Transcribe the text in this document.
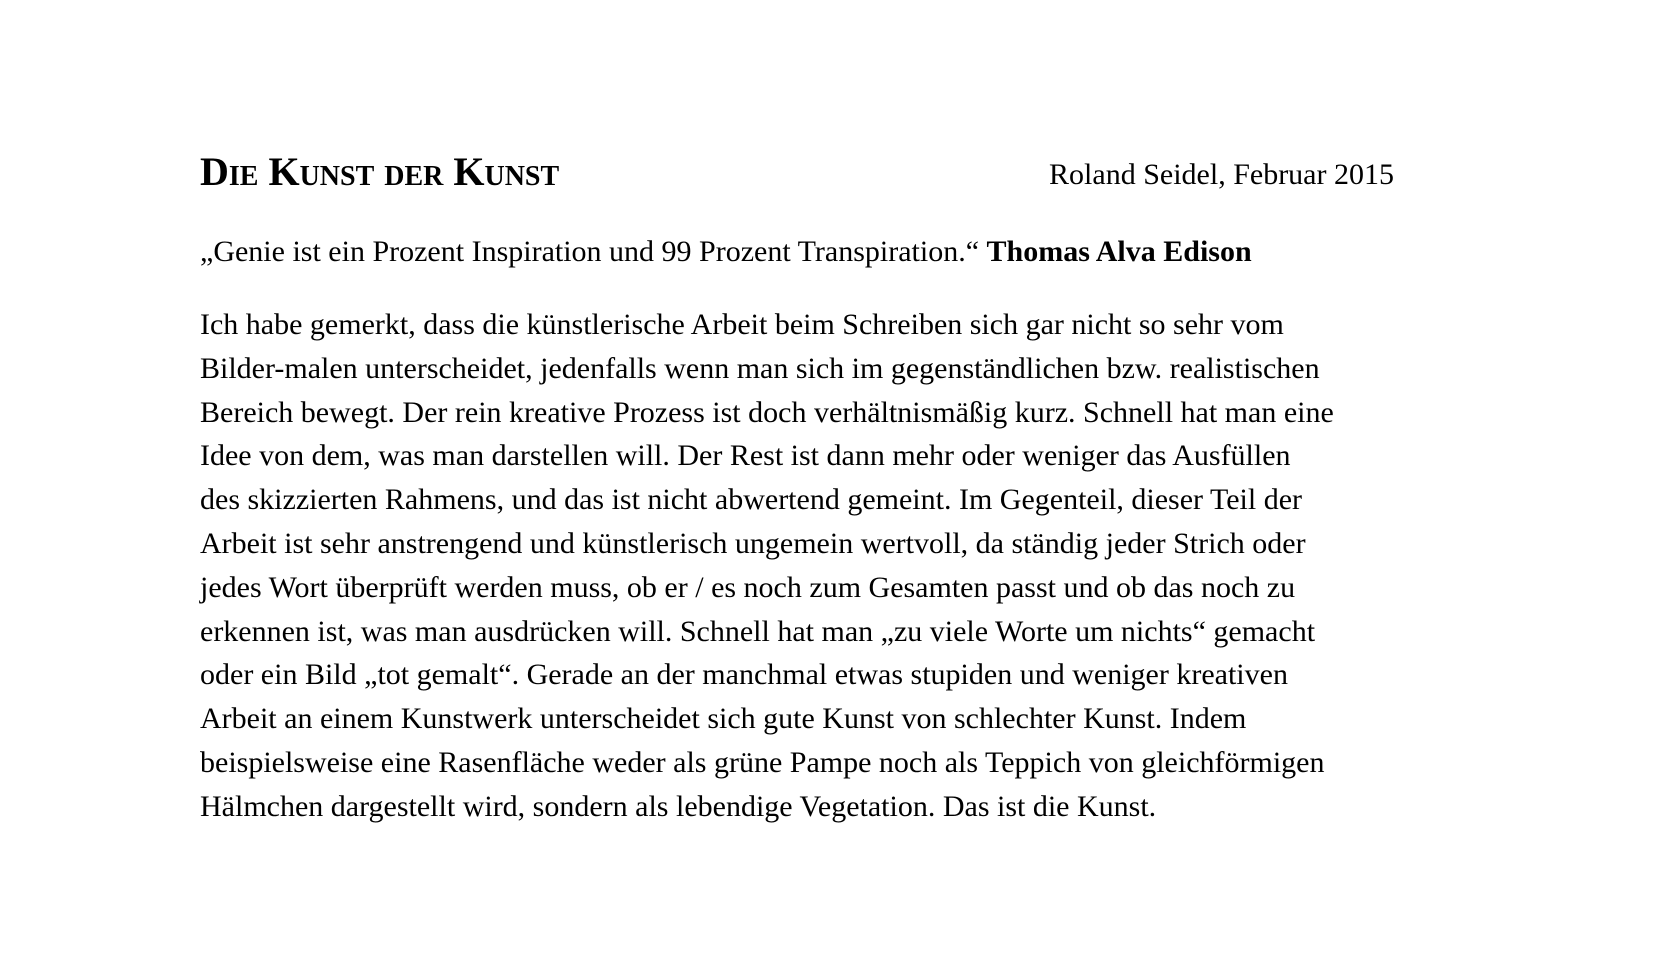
Die Kunst der Kunst	Roland Seidel, Februar 2015
„Genie ist ein Prozent Inspiration und 99 Prozent Transpiration.“ Thomas Alva Edison

Ich habe gemerkt, dass die künstlerische Arbeit beim Schreiben sich gar nicht so sehr vom
Bilder-malen unterscheidet, jedenfalls wenn man sich im gegenständlichen bzw. realistischen
Bereich bewegt. Der rein kreative Prozess ist doch verhältnismäßig kurz. Schnell hat man eine
Idee von dem, was man darstellen will. Der Rest ist dann mehr oder weniger das Ausfüllen
des skizzierten Rahmens, und das ist nicht abwertend gemeint. Im Gegenteil, dieser Teil der
Arbeit ist sehr anstrengend und künstlerisch ungemein wertvoll, da ständig jeder Strich oder
jedes Wort überprüft werden muss, ob er / es noch zum Gesamten passt und ob das noch zu
erkennen ist, was man ausdrücken will. Schnell hat man „zu viele Worte um nichts“ gemacht
oder ein Bild „tot gemalt“. Gerade an der manchmal etwas stupiden und weniger kreativen
Arbeit an einem Kunstwerk unterscheidet sich gute Kunst von schlechter Kunst. Indem
beispielsweise eine Rasenfläche weder als grüne Pampe noch als Teppich von gleichförmigen
Hälmchen dargestellt wird, sondern als lebendige Vegetation. Das ist die Kunst.
